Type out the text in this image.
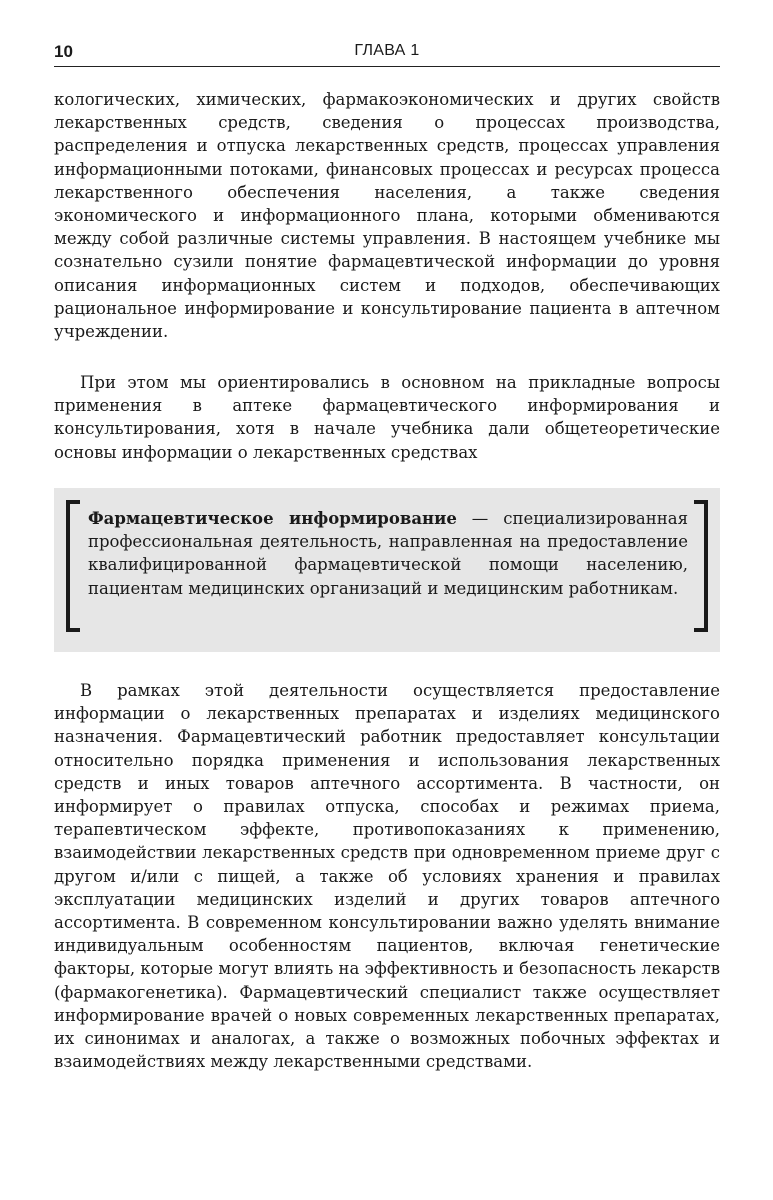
10	ГЛАВА 1

кологических, химических, фармакоэкономических и других свойств лекарственных средств, сведения о процессах производства, распределения и отпуска лекарственных средств, процессах управления информационными потоками, финансовых процессах и ресурсах процесса лекарственного обеспечения населения, а также сведения экономического и информационного плана, которыми обмениваются между собой различные системы управления. В настоящем учебнике мы сознательно сузили понятие фармацевтической информации до уровня описания информационных систем и подходов, обеспечивающих рациональное информирование и консультирование пациента в аптечном учреждении.

При этом мы ориентировались в основном на прикладные вопросы применения в аптеке фармацевтического информирования и консультирования, хотя в начале учебника дали общетеоретические основы информации о лекарственных средствах

Фармацевтическое информирование — специализированная профессиональная деятельность, направленная на предоставление квалифицированной фармацевтической помощи населению, пациентам медицинских организаций и медицинским работникам.

В рамках этой деятельности осуществляется предоставление информации о лекарственных препаратах и изделиях медицинского назначения. Фармацевтический работник предоставляет консультации относительно порядка применения и использования лекарственных средств и иных товаров аптечного ассортимента. В частности, он информирует о правилах отпуска, способах и режимах приема, терапевтическом эффекте, противопоказаниях к применению, взаимодействии лекарственных средств при одновременном приеме друг с другом и/или с пищей, а также об условиях хранения и правилах эксплуатации медицинских изделий и других товаров аптечного ассортимента. В современном консультировании важно уделять внимание индивидуальным особенностям пациентов, включая генетические факторы, которые могут влиять на эффективность и безопасность лекарств (фармакогенетика). Фармацевтический специалист также осуществляет информирование врачей о новых современных лекарственных препаратах, их синонимах и аналогах, а также о возможных побочных эффектах и взаимодействиях между лекарственными средствами.
